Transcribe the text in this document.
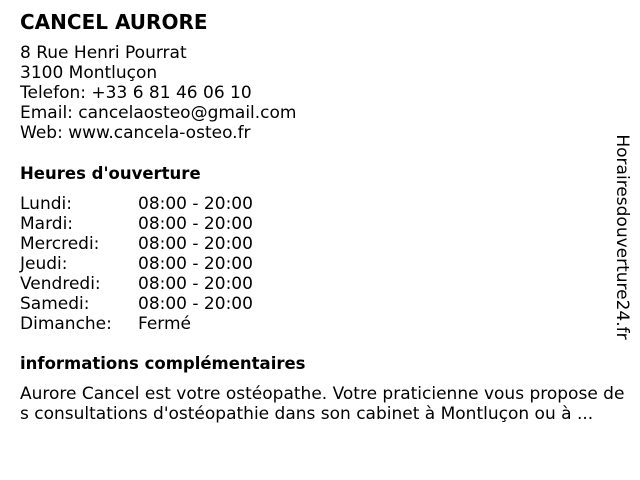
CANCEL AURORE
8 Rue Henri Pourrat
3100 Montluçon
Telefon: +33 6 81 46 06 10
Email: cancelaosteo@gmail.com
Web: www.cancela-osteo.fr
Heures d'ouverture
Lundi:	08:00 - 20:00
Mardi:	08:00 - 20:00
Mercredi: 08:00 - 20:00
Jeudi:	08:00 - 20:00
Vendredi: 08:00 - 20:00
Samedi:	08:00 - 20:00
Dimanche: Fermé
informations complémentaires
Aurore Cancel est votre ostéopathe. Votre praticienne vous propose des consultations d'ostéopathie dans son cabinet à Montluçon ou à ...
Horairesdouverture24.fr
